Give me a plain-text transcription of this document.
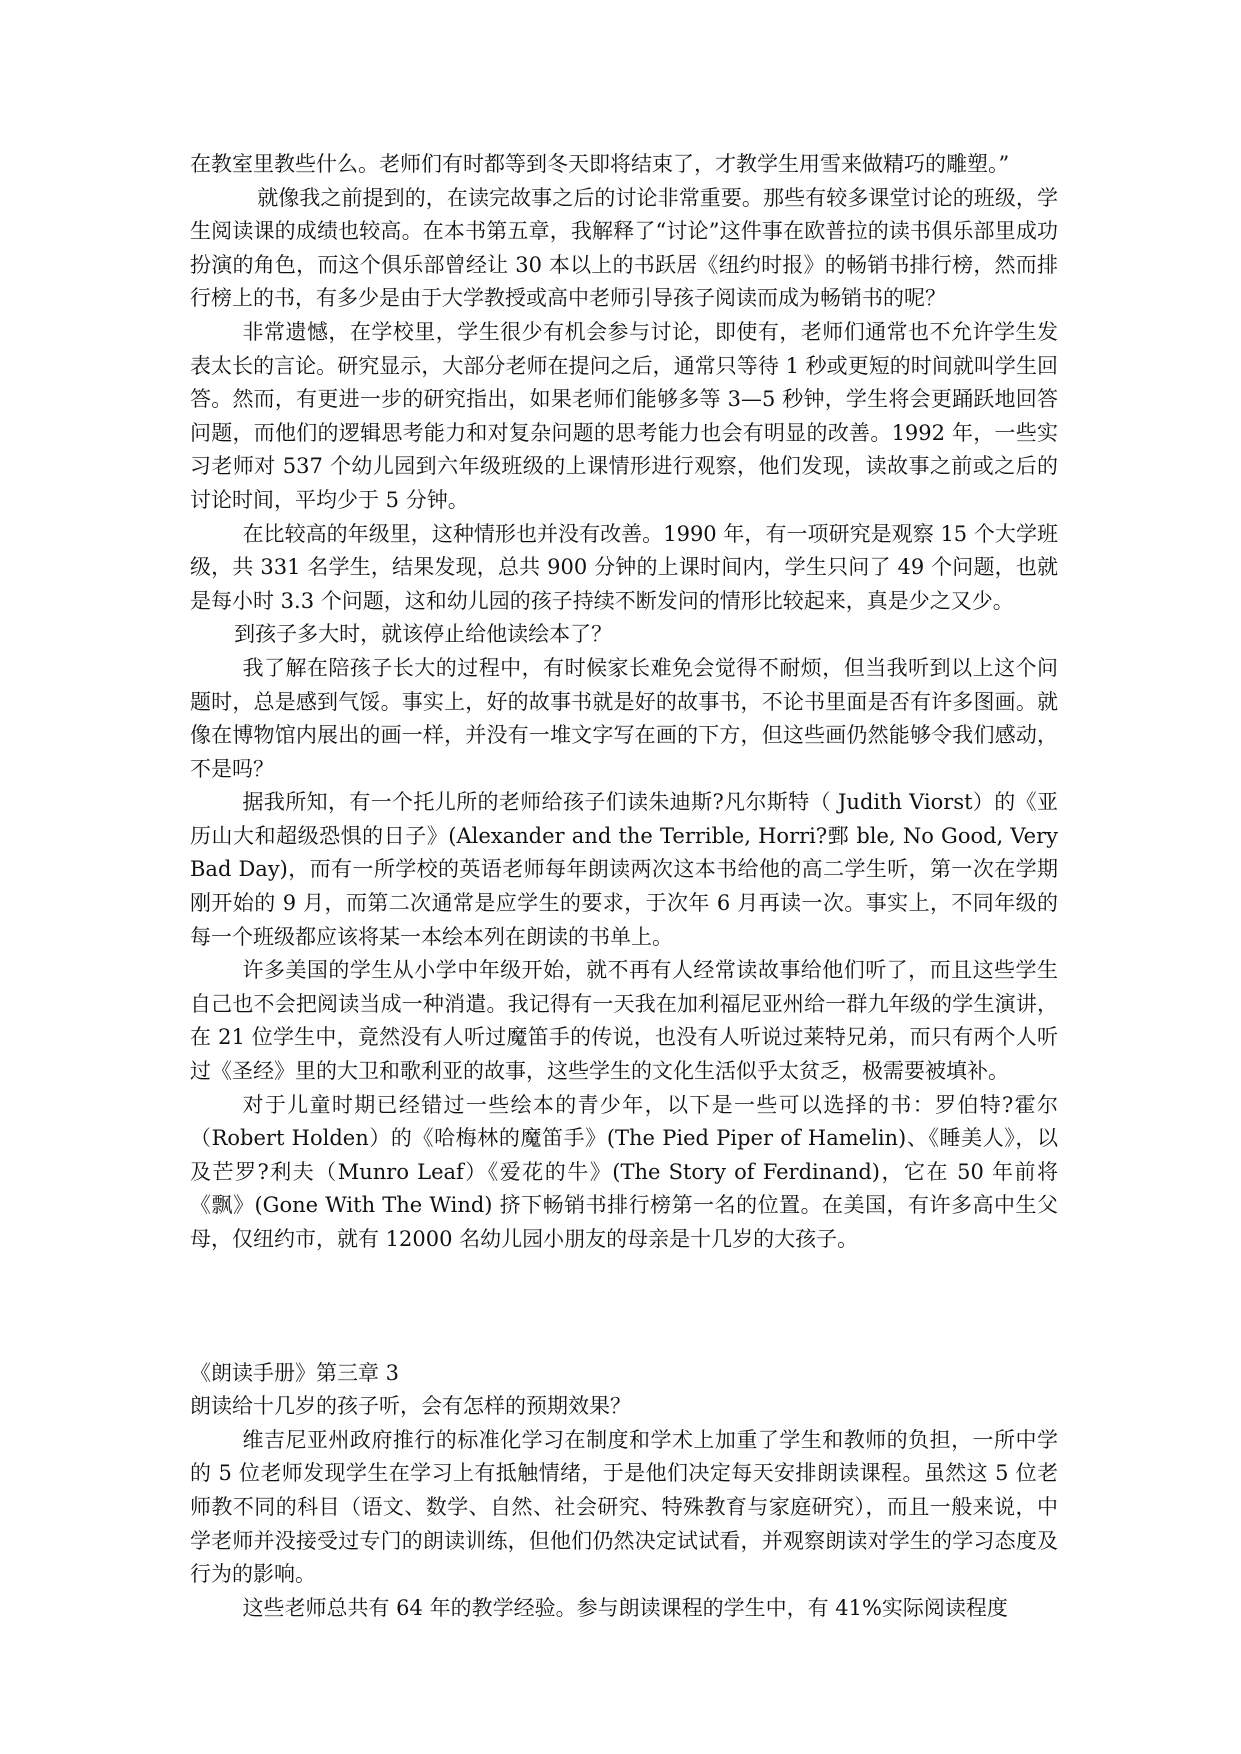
在教室里教些什么。老师们有时都等到冬天即将结束了，才教学生用雪来做精巧的雕塑。”

就像我之前提到的，在读完故事之后的讨论非常重要。那些有较多课堂讨论的班级，学生阅读课的成绩也较高。在本书第五章，我解释了“讨论”这件事在欧普拉的读书俱乐部里成功扮演的角色，而这个俱乐部曾经让 30 本以上的书跃居《纽约时报》的畅销书排行榜，然而排行榜上的书，有多少是由于大学教授或高中老师引导孩子阅读而成为畅销书的呢？

非常遗憾，在学校里，学生很少有机会参与讨论，即使有，老师们通常也不允许学生发表太长的言论。研究显示，大部分老师在提问之后，通常只等待 1 秒或更短的时间就叫学生回答。然而，有更进一步的研究指出，如果老师们能够多等 3—5 秒钟，学生将会更踊跃地回答问题，而他们的逻辑思考能力和对复杂问题的思考能力也会有明显的改善。1992 年，一些实习老师对 537 个幼儿园到六年级班级的上课情形进行观察，他们发现，读故事之前或之后的讨论时间，平均少于 5 分钟。

在比较高的年级里，这种情形也并没有改善。1990 年，有一项研究是观察 15 个大学班级，共 331 名学生，结果发现，总共 900 分钟的上课时间内，学生只问了 49 个问题，也就是每小时 3.3 个问题，这和幼儿园的孩子持续不断发问的情形比较起来，真是少之又少。

到孩子多大时，就该停止给他读绘本了？

我了解在陪孩子长大的过程中，有时候家长难免会觉得不耐烦，但当我听到以上这个问题时，总是感到气馁。事实上，好的故事书就是好的故事书，不论书里面是否有许多图画。就像在博物馆内展出的画一样，并没有一堆文字写在画的下方，但这些画仍然能够令我们感动，不是吗？

据我所知，有一个托儿所的老师给孩子们读朱迪斯?凡尔斯特（ Judith Viorst）的《亚历山大和超级恐惧的日子》(Alexander and the Terrible, Horri?鄄 ble, No Good, Very Bad Day)，而有一所学校的英语老师每年朗读两次这本书给他的高二学生听，第一次在学期刚开始的 9 月，而第二次通常是应学生的要求，于次年 6 月再读一次。事实上，不同年级的每一个班级都应该将某一本绘本列在朗读的书单上。

许多美国的学生从小学中年级开始，就不再有人经常读故事给他们听了，而且这些学生自己也不会把阅读当成一种消遣。我记得有一天我在加利福尼亚州给一群九年级的学生演讲，在 21 位学生中，竟然没有人听过魔笛手的传说，也没有人听说过莱特兄弟，而只有两个人听过《圣经》里的大卫和歌利亚的故事，这些学生的文化生活似乎太贫乏，极需要被填补。

对于儿童时期已经错过一些绘本的青少年，以下是一些可以选择的书：罗伯特?霍尔（Robert Holden）的《哈梅林的魔笛手》(The Pied Piper of Hamelin)、《睡美人》，以及芒罗?利夫（Munro Leaf）《爱花的牛》(The Story of Ferdinand)，它在 50 年前将《飘》(Gone With The Wind) 挤下畅销书排行榜第一名的位置。在美国，有许多高中生父母，仅纽约市，就有 12000 名幼儿园小朋友的母亲是十几岁的大孩子。

《朗读手册》第三章 3

朗读给十几岁的孩子听，会有怎样的预期效果？

维吉尼亚州政府推行的标准化学习在制度和学术上加重了学生和教师的负担，一所中学的 5 位老师发现学生在学习上有抵触情绪，于是他们决定每天安排朗读课程。虽然这 5 位老师教不同的科目（语文、数学、自然、社会研究、特殊教育与家庭研究），而且一般来说，中学老师并没接受过专门的朗读训练，但他们仍然决定试试看，并观察朗读对学生的学习态度及行为的影响。

这些老师总共有 64 年的教学经验。参与朗读课程的学生中，有 41%实际阅读程度
